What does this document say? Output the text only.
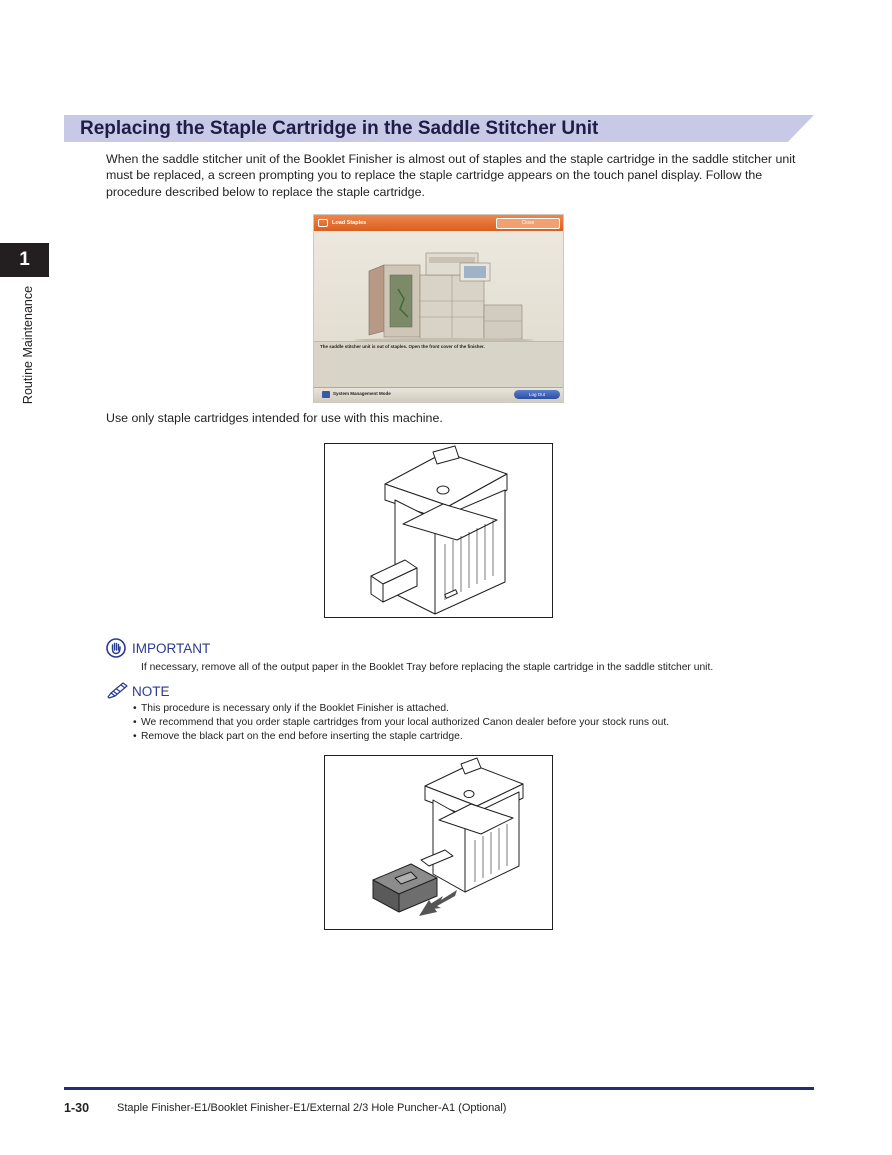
Replacing the Staple Cartridge in the Saddle Stitcher Unit
When the saddle stitcher unit of the Booklet Finisher is almost out of staples and the staple cartridge in the saddle stitcher unit must be replaced, a screen prompting you to replace the staple cartridge appears on the touch panel display. Follow the procedure described below to replace the staple cartridge.
1
Routine Maintenance
Load Staples	Close
The saddle stitcher unit is out of staples. Open the front cover of the finisher.
System Management Mode	Log Out
Use only staple cartridges intended for use with this machine.
IMPORTANT
If necessary, remove all of the output paper in the Booklet Tray before replacing the staple cartridge in the saddle stitcher unit.
NOTE
• This procedure is necessary only if the Booklet Finisher is attached.
• We recommend that you order staple cartridges from your local authorized Canon dealer before your stock runs out.
• Remove the black part on the end before inserting the staple cartridge.
1-30	Staple Finisher-E1/Booklet Finisher-E1/External 2/3 Hole Puncher-A1 (Optional)
